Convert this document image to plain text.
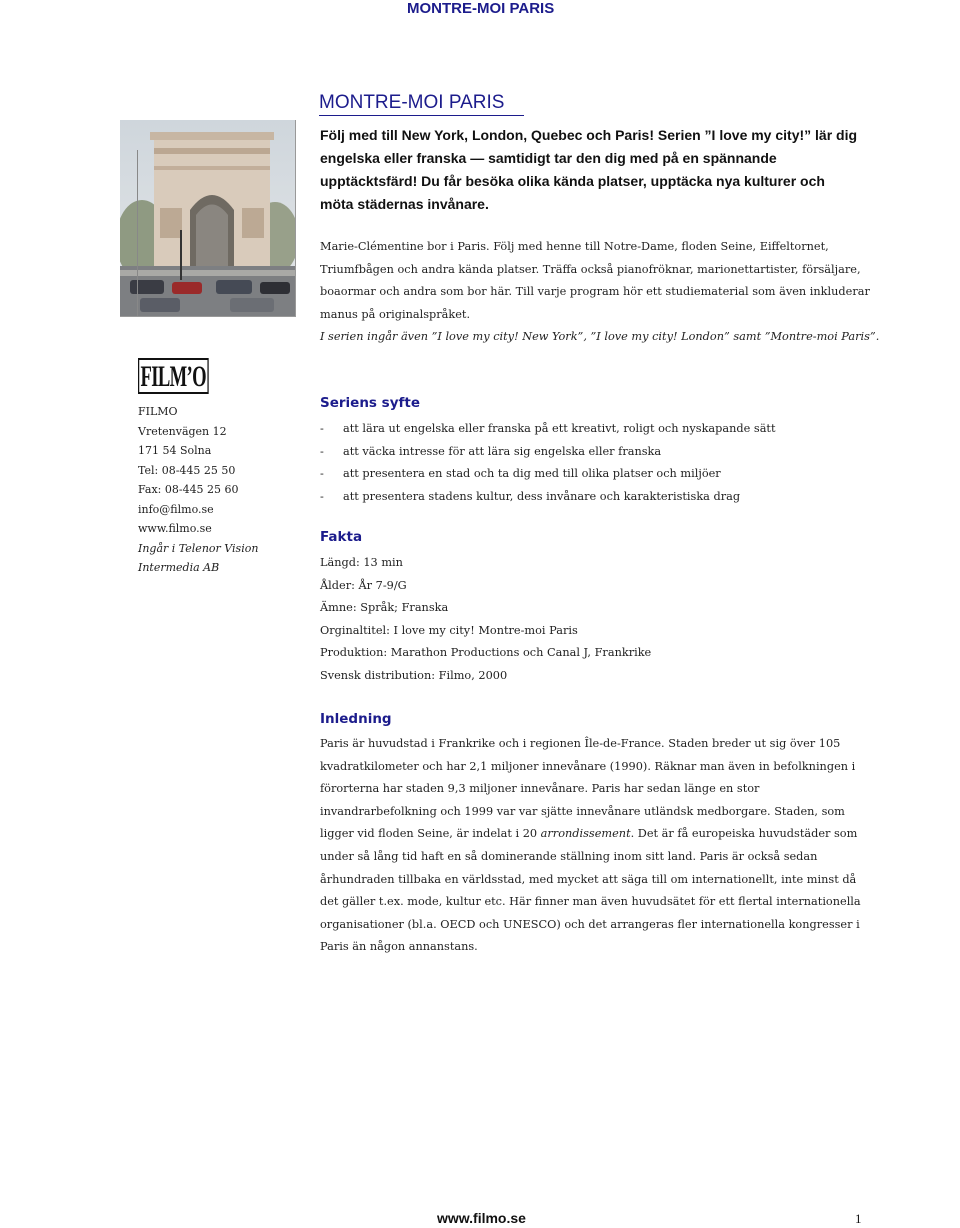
MONTRE-MOI PARIS
MONTRE-MOI PARIS
Följ med till New York, London, Quebec och Paris! Serien ”I love my city!” lär dig engelska eller franska — samtidigt tar den dig med på en spännande upptäcktsfärd! Du får besöka olika kända platser, upptäcka nya kulturer och möta städernas invånare.
FILM’O
FILMO
Vretenvägen 12
171 54 Solna
Tel: 08-445 25 50
Fax: 08-445 25 60
info@filmo.se
www.filmo.se
Ingår i Telenor Vision
Intermedia AB
Marie-Clémentine bor i Paris. Följ med henne till Notre-Dame, floden Seine, Eiffeltornet, Triumfbågen och andra kända platser. Träffa också pianofröknar, marionettartister, försäljare, boaormar och andra som bor här. Till varje program hör ett studiematerial som även inkluderar manus på originalspråket.
I serien ingår även ”I love my city! New York”, ”I love my city! London” samt ”Montre-moi Paris”.
Seriens syfte
- att lära ut engelska eller franska på ett kreativt, roligt och nyskapande sätt
- att väcka intresse för att lära sig engelska eller franska
- att presentera en stad och ta dig med till olika platser och miljöer
- att presentera stadens kultur, dess invånare och karakteristiska drag
Fakta
Längd: 13 min
Ålder: År 7-9/G
Ämne: Språk; Franska
Orginaltitel: I love my city! Montre-moi Paris
Produktion: Marathon Productions och Canal J, Frankrike
Svensk distribution: Filmo, 2000
Inledning
Paris är huvudstad i Frankrike och i regionen Île-de-France. Staden breder ut sig över 105 kvadratkilometer och har 2,1 miljoner innevånare (1990). Räknar man även in befolkningen i förorterna har staden 9,3 miljoner innevånare. Paris har sedan länge en stor invandrarbefolkning och 1999 var var sjätte innevånare utländsk medborgare. Staden, som ligger vid floden Seine, är indelat i 20 arrondissement. Det är få europeiska huvudstäder som under så lång tid haft en så dominerande ställning inom sitt land. Paris är också sedan århundraden tillbaka en världsstad, med mycket att säga till om internationellt, inte minst då det gäller t.ex. mode, kultur etc. Här finner man även huvudsätet för ett flertal internationella organisationer (bl.a. OECD och UNESCO) och det arrangeras fler internationella kongresser i Paris än någon annanstans.
www.filmo.se	1
